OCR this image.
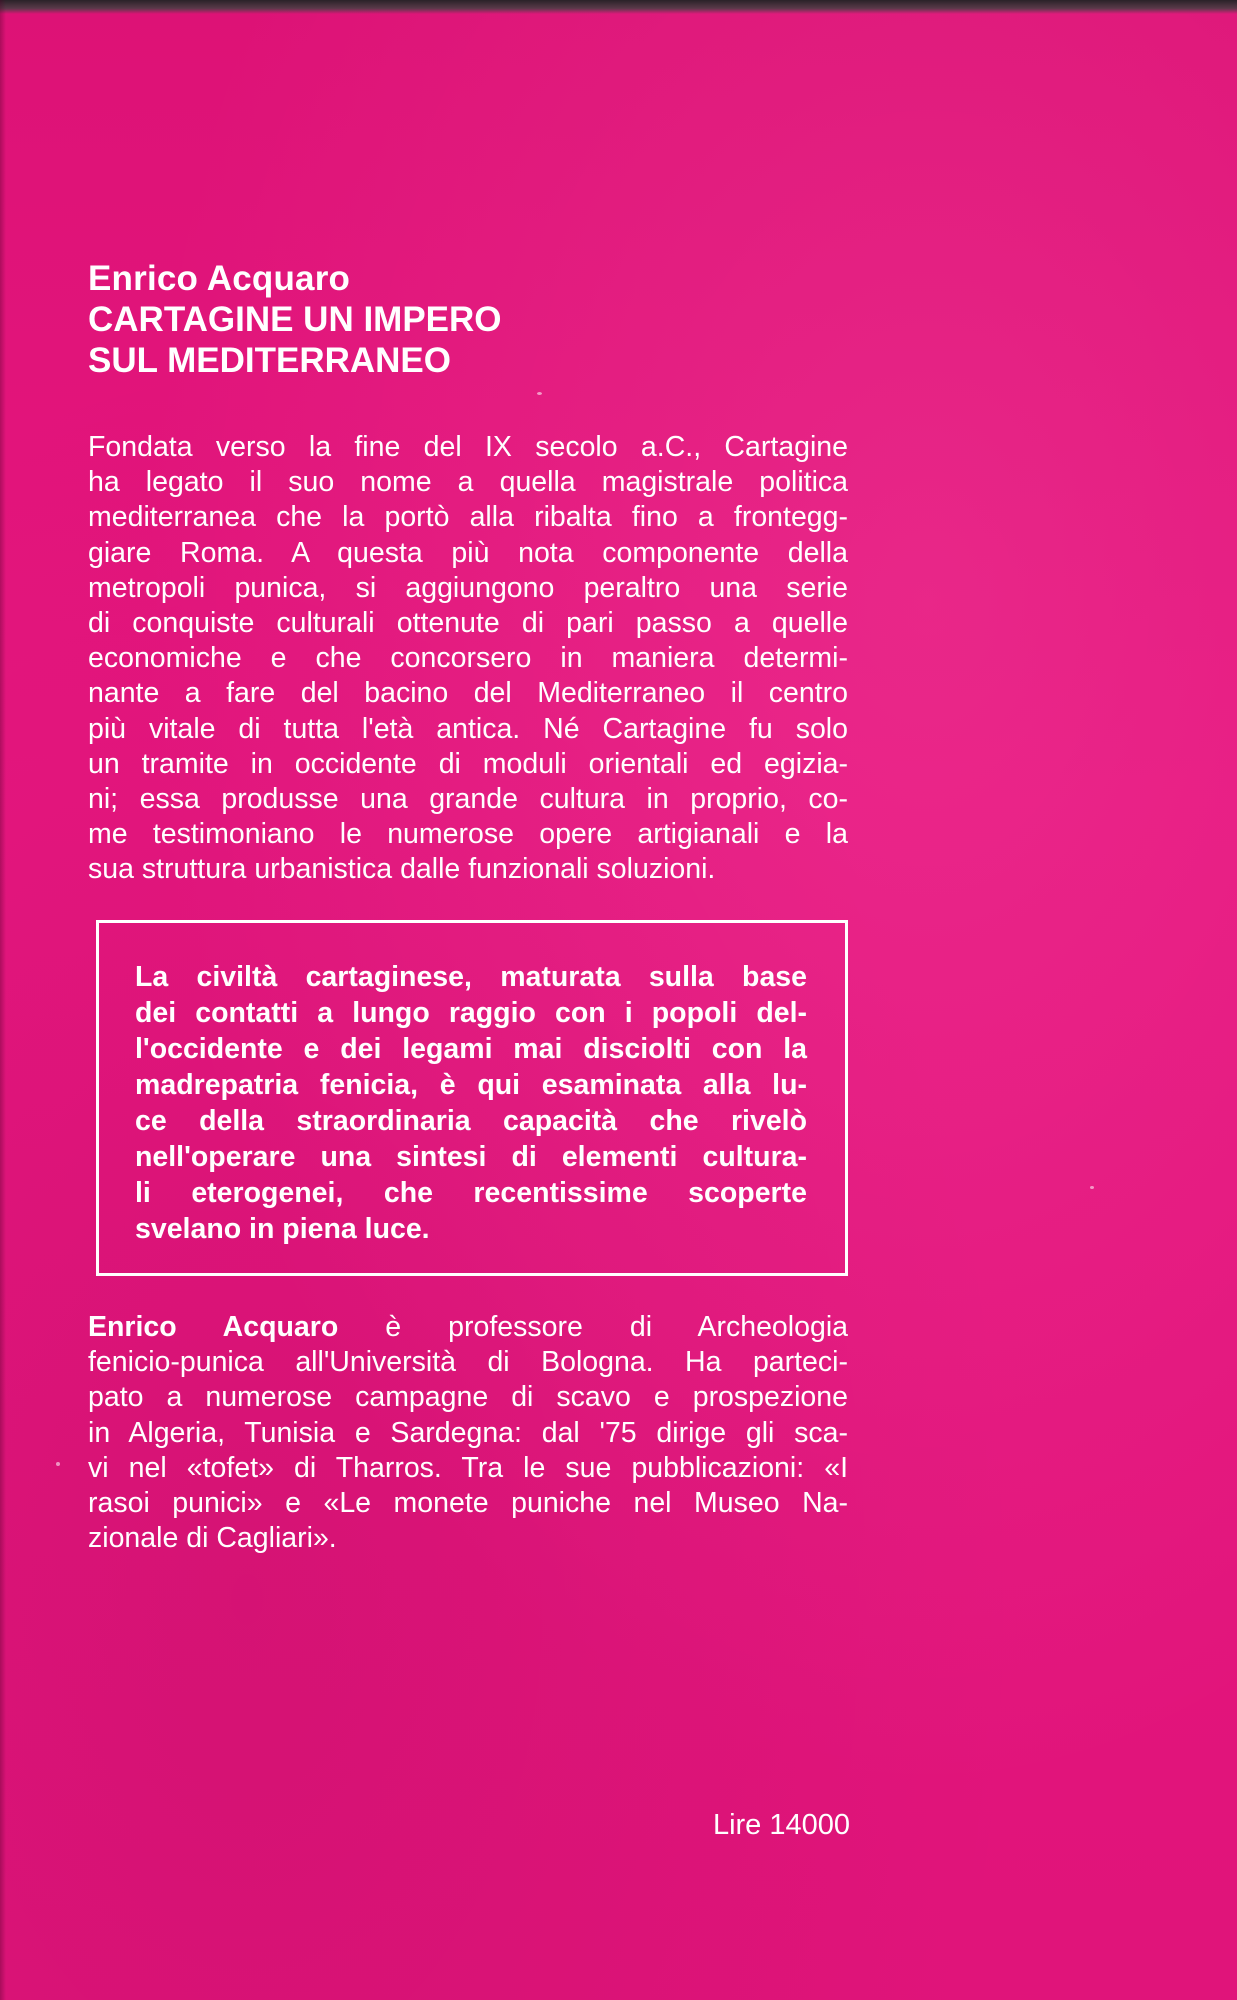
Enrico Acquaro
CARTAGINE UN IMPERO
SUL MEDITERRANEO
Fondata verso la fine del IX secolo a.C., Cartagine
ha legato il suo nome a quella magistrale politica
mediterranea che la portò alla ribalta fino a frontegg-
giare Roma. A questa più nota componente della
metropoli punica, si aggiungono peraltro una serie
di conquiste culturali ottenute di pari passo a quelle
economiche e che concorsero in maniera determi-
nante a fare del bacino del Mediterraneo il centro
più vitale di tutta l'età antica. Né Cartagine fu solo
un tramite in occidente di moduli orientali ed egizia-
ni; essa produsse una grande cultura in proprio, co-
me testimoniano le numerose opere artigianali e la
sua struttura urbanistica dalle funzionali soluzioni.
La civiltà cartaginese, maturata sulla base
dei contatti a lungo raggio con i popoli del-
l'occidente e dei legami mai disciolti con la
madrepatria fenicia, è qui esaminata alla lu-
ce della straordinaria capacità che rivelò
nell'operare una sintesi di elementi cultura-
li eterogenei, che recentissime scoperte
svelano in piena luce.
Enrico Acquaro è professore di Archeologia
fenicio-punica all'Università di Bologna. Ha parteci-
pato a numerose campagne di scavo e prospezione
in Algeria, Tunisia e Sardegna: dal '75 dirige gli sca-
vi nel «tofet» di Tharros. Tra le sue pubblicazioni: «I
rasoi punici» e «Le monete puniche nel Museo Na-
zionale di Cagliari».
Lire 14000
